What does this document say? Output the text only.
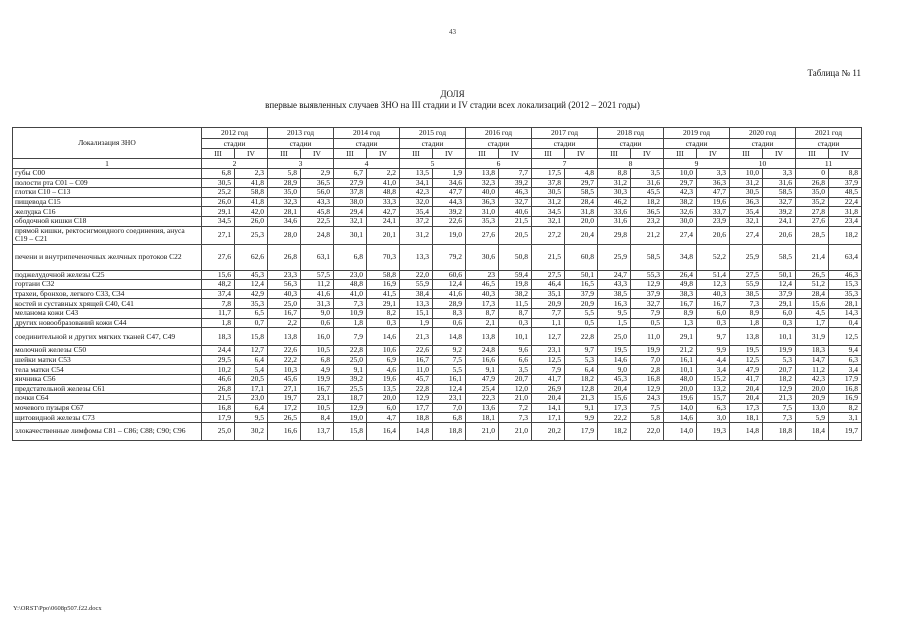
43
Таблица № 11
ДОЛЯ
впервые выявленных случаев ЗНО на III стадии и IV стадии всех локализаций (2012 – 2021 годы)
Локализация ЗНО	2012 год		2013 год		2014 год		2015 год		2016 год		2017 год		2018 год		2019 год		2020 год		2021 год	
	стадии		стадии		стадии		стадии		стадии		стадии		стадии		стадии		стадии		стадии	
	III	IV	III	IV	III	IV	III	IV	III	IV	III	IV	III	IV	III	IV	III	IV	III	IV
1	2		3		4		5		6		7		8		9		10		11	
губы С00	6,8	2,3	5,8	2,9	6,7	2,2	13,5	1,9	13,8	7,7	17,5	4,8	8,8	3,5	10,0	3,3	10,0	3,3	0	8,8
полости рта С01 – С09	30,5	41,8	28,9	36,5	27,9	41,0	34,1	34,6	32,3	39,2	37,8	29,7	31,2	31,6	29,7	36,3	31,2	31,6	26,8	37,9
глотки С10 – С13	25,2	58,8	35,0	56,0	37,8	48,8	42,3	47,7	40,0	46,3	30,5	58,5	30,3	45,5	42,3	47,7	30,5	58,5	35,0	48,5
пищевода С15	26,0	41,8	32,3	43,3	38,0	33,3	32,0	44,3	36,3	32,7	31,2	28,4	46,2	18,2	38,2	19,6	36,3	32,7	35,2	22,4
желудка С16	29,1	42,0	28,1	45,8	29,4	42,7	35,4	39,2	31,0	40,6	34,5	31,8	33,6	36,5	32,6	33,7	35,4	39,2	27,8	31,8
ободочной кишки С18	34,5	26,0	34,6	22,5	32,1	24,1	37,2	22,6	35,3	21,5	32,1	20,0	31,6	23,2	30,0	23,9	32,1	24,1	27,6	23,4
прямой кишки, ректосигмоидного соединения, ануса С19 – С21	27,1	25,3	28,0	24,8	30,1	20,1	31,2	19,0	27,6	20,5	27,2	20,4	29,8	21,2	27,4	20,6	27,4	20,6	28,5	18,2
печени и внутрипеченочных желчных протоков С22	27,6	62,6	26,8	63,1	6,8	70,3	13,3	79,2	30,6	50,8	21,5	60,8	25,9	58,5	34,8	52,2	25,9	58,5	21,4	63,4
поджелудочной железы С25	15,6	45,3	23,3	57,5	23,0	58,8	22,0	60,6	23	59,4	27,5	50,1	24,7	55,3	26,4	51,4	27,5	50,1	26,5	46,3
гортани С32	48,2	12,4	56,3	11,2	48,8	16,9	55,9	12,4	46,5	19,8	46,4	16,5	43,3	12,9	49,8	12,3	55,9	12,4	51,2	15,3
трахеи, бронхов, легкого С33, С34	37,4	42,9	40,3	41,6	41,0	41,5	38,4	41,6	40,3	38,2	35,1	37,9	38,5	37,9	38,3	40,3	38,5	37,9	28,4	35,3
костей и суставных хрящей С40, С41	7,8	35,3	25,0	31,3	7,3	29,1	13,3	28,9	17,3	11,5	20,9	20,9	16,3	32,7	16,7	16,7	7,3	29,1	15,6	28,1
меланома кожи С43	11,7	6,5	16,7	9,0	10,9	8,2	15,1	8,3	8,7	8,7	7,7	5,5	9,5	7,9	8,9	6,0	8,9	6,0	4,5	14,3
других новообразований кожи С44	1,8	0,7	2,2	0,6	1,8	0,3	1,9	0,6	2,1	0,3	1,1	0,5	1,5	0,5	1,3	0,3	1,8	0,3	1,7	0,4
соединительной и других мягких тканей С47, С49	18,3	15,8	13,8	16,0	7,9	14,6	21,3	14,8	13,8	10,1	12,7	22,8	25,0	11,0	29,1	9,7	13,8	10,1	31,9	12,5
молочной железы С50	24,4	12,7	22,6	10,5	22,8	10,6	22,6	9,2	24,8	9,6	23,1	9,7	19,5	19,9	21,2	9,9	19,5	19,9	18,3	9,4
шейки матки С53	29,5	6,4	22,2	6,8	25,0	6,9	16,7	7,5	16,6	6,6	12,5	5,3	14,6	7,0	16,1	4,4	12,5	5,3	14,7	6,3
тела матки С54	10,2	5,4	10,3	4,9	9,1	4,6	11,0	5,5	9,1	3,5	7,9	6,4	9,0	2,8	10,1	3,4	47,9	20,7	11,2	3,4
яичника С56	46,6	20,5	45,6	19,9	39,2	19,6	45,7	16,1	47,9	20,7	41,7	18,2	45,3	16,8	48,0	15,2	41,7	18,2	42,3	17,9
предстательной железы С61	26,8	17,1	27,1	16,7	25,5	13,5	22,8	12,4	25,4	12,0	26,9	12,8	20,4	12,9	20,0	13,2	20,4	12,9	20,0	16,8
почки С64	21,5	23,0	19,7	23,1	18,7	20,0	12,9	23,1	22,3	21,0	20,4	21,3	15,6	24,3	19,6	15,7	20,4	21,3	20,9	16,9
мочевого пузыря С67	16,8	6,4	17,2	10,5	12,9	6,0	17,7	7,0	13,6	7,2	14,1	9,1	17,3	7,5	14,0	6,3	17,3	7,5	13,0	8,2
щитовидной железы С73	17,9	9,5	26,5	8,4	19,0	4,7	18,8	6,8	18,1	7,3	17,1	9,9	22,2	5,8	14,6	3,0	18,1	7,3	5,9	3,1
злокачественные лимфомы С81 – С86; С88; С90; С96	25,0	30,2	16,6	13,7	15,8	16,4	14,8	18,8	21,0	21,0	20,2	17,9	18,2	22,0	14,0	19,3	14,8	18,8	18,4	19,7
Y:\ORST\Ppo\0608p507.f22.docx
